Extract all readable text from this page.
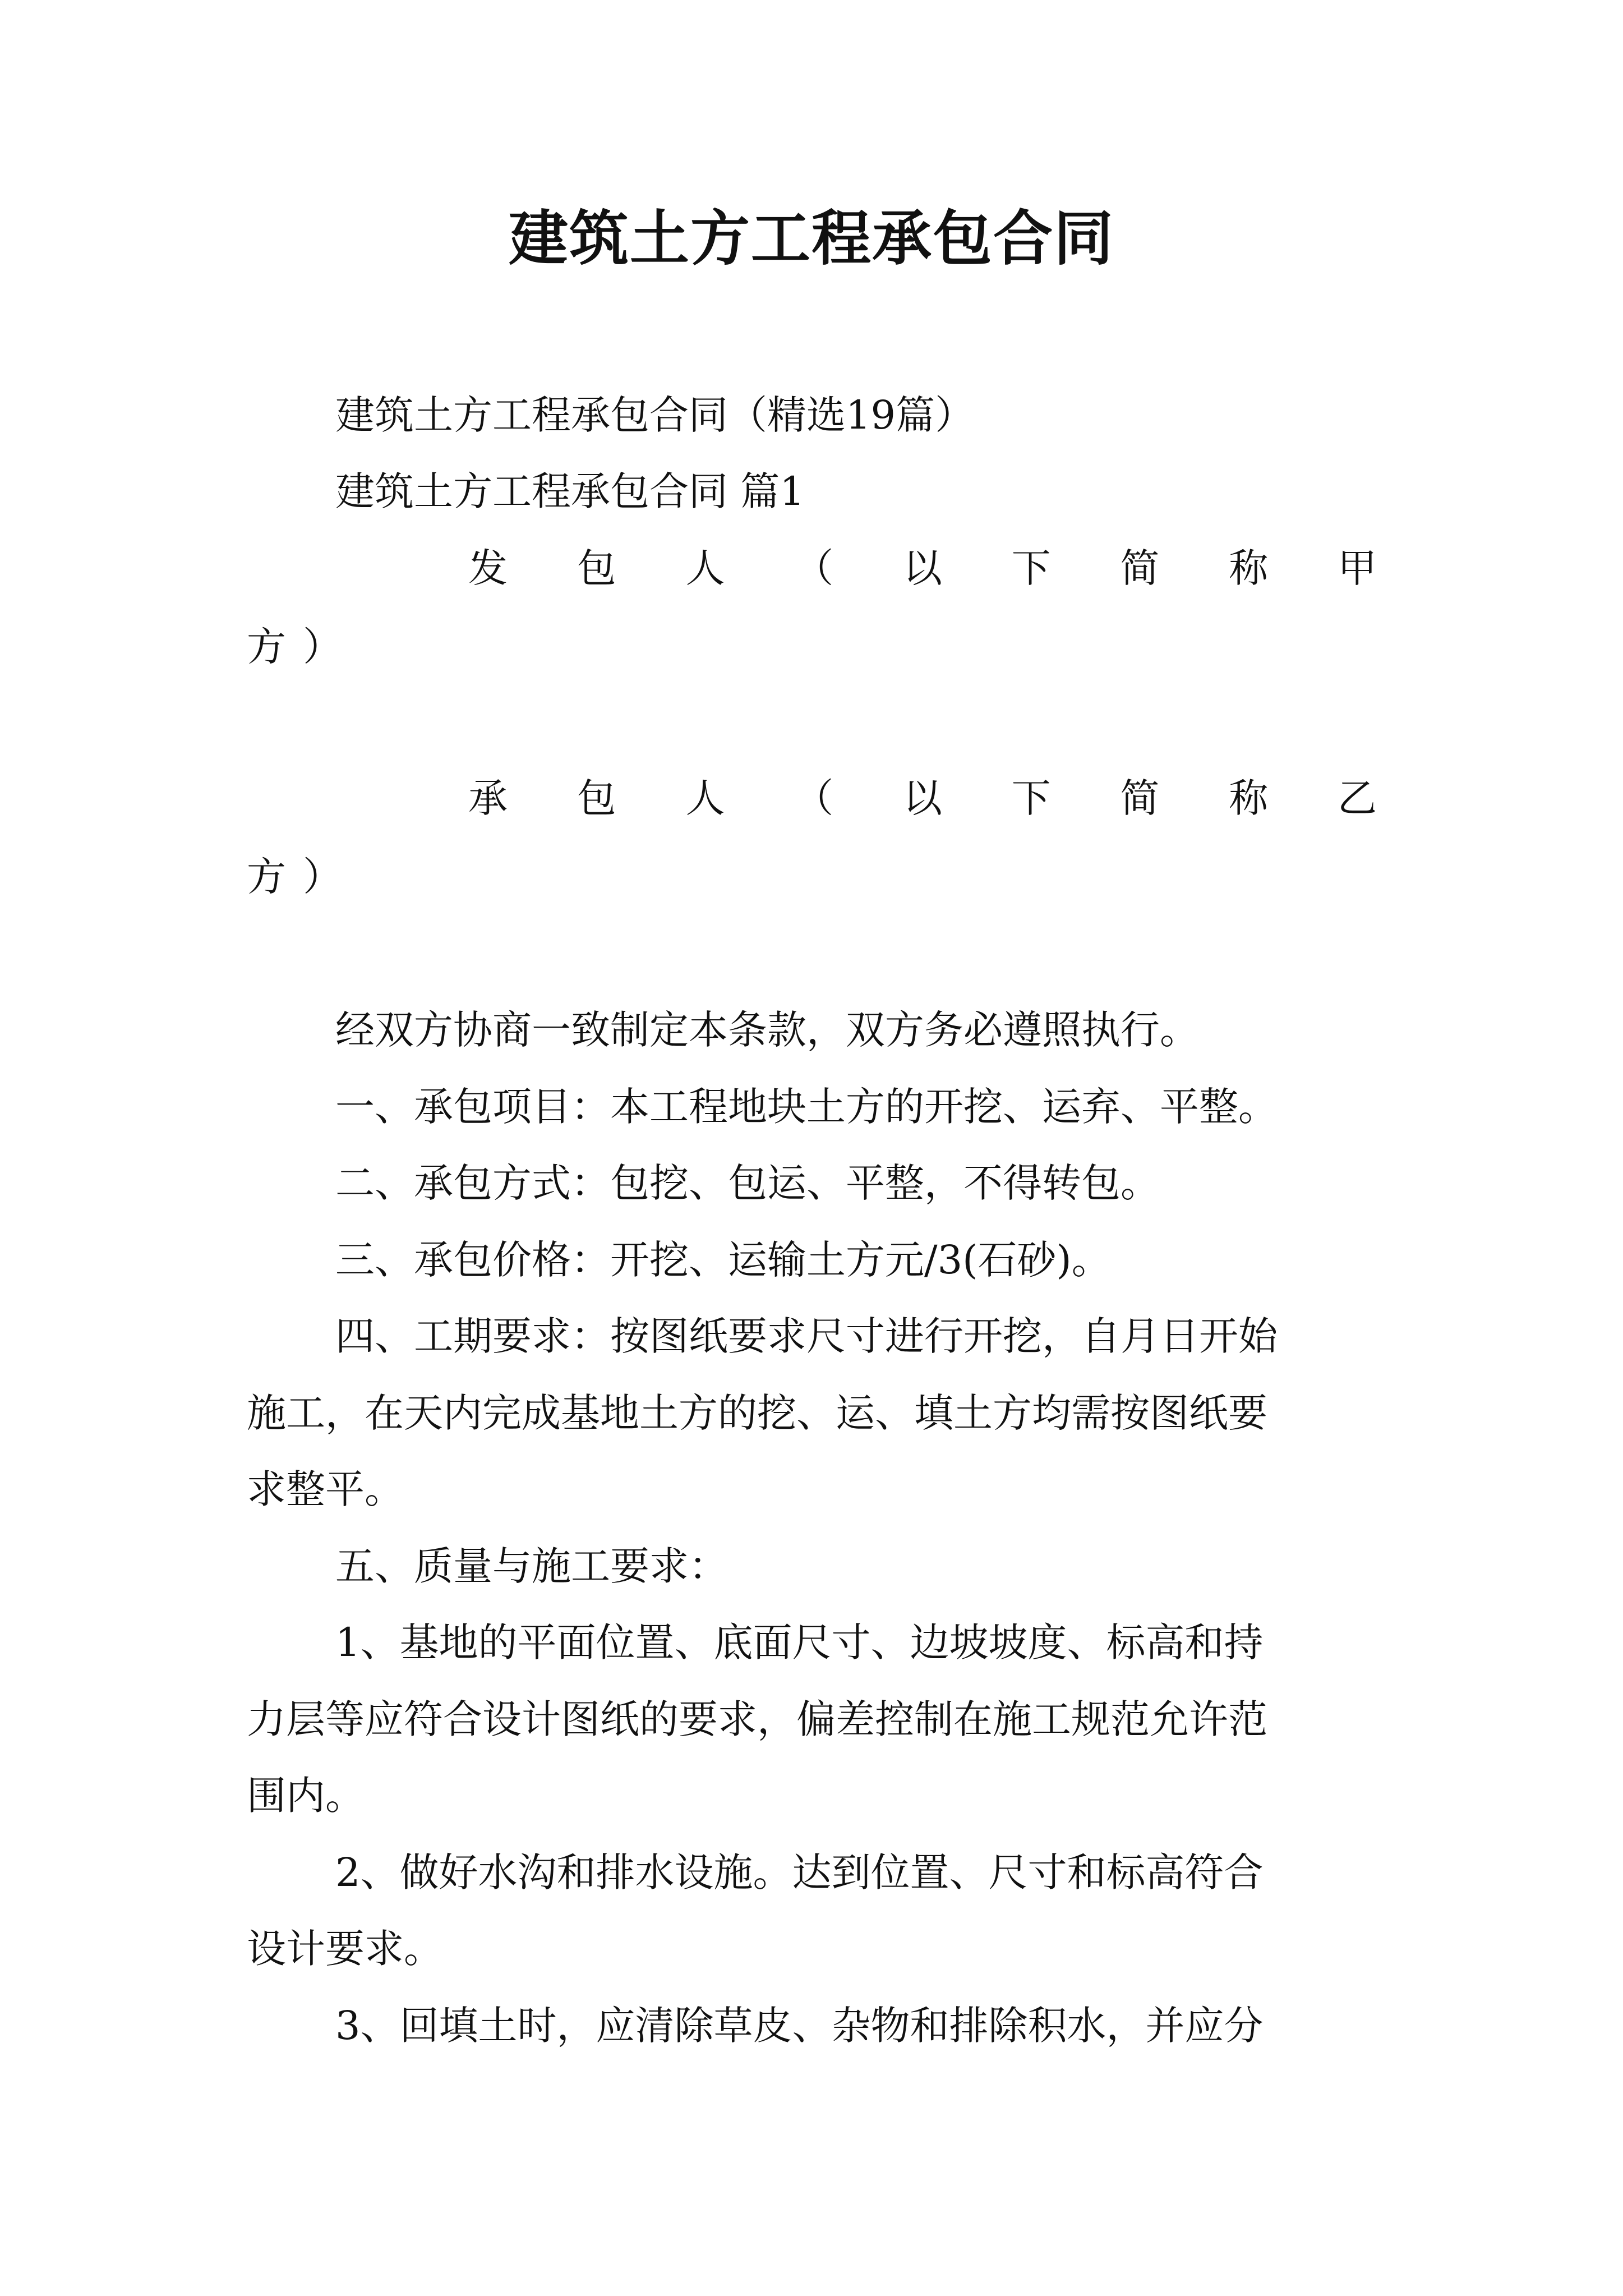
建筑土方工程承包合同
建筑土方工程承包合同（精选19篇）
建筑土方工程承包合同 篇1
发 包 人 （ 以 下 简 称 甲
方）
承 包 人 （ 以 下 简 称 乙
方）
经双方协商一致制定本条款，双方务必遵照执行。
一、承包项目：本工程地块土方的开挖、运弃、平整。
二、承包方式：包挖、包运、平整，不得转包。
三、承包价格：开挖、运输土方元/3(石砂)。
四、工期要求：按图纸要求尺寸进行开挖，自月日开始
施工，在天内完成基地土方的挖、运、填土方均需按图纸要
求整平。
五、质量与施工要求：
1、基地的平面位置、底面尺寸、边坡坡度、标高和持
力层等应符合设计图纸的要求，偏差控制在施工规范允许范
围内。
2、做好水沟和排水设施。达到位置、尺寸和标高符合
设计要求。
3、回填土时，应清除草皮、杂物和排除积水，并应分
